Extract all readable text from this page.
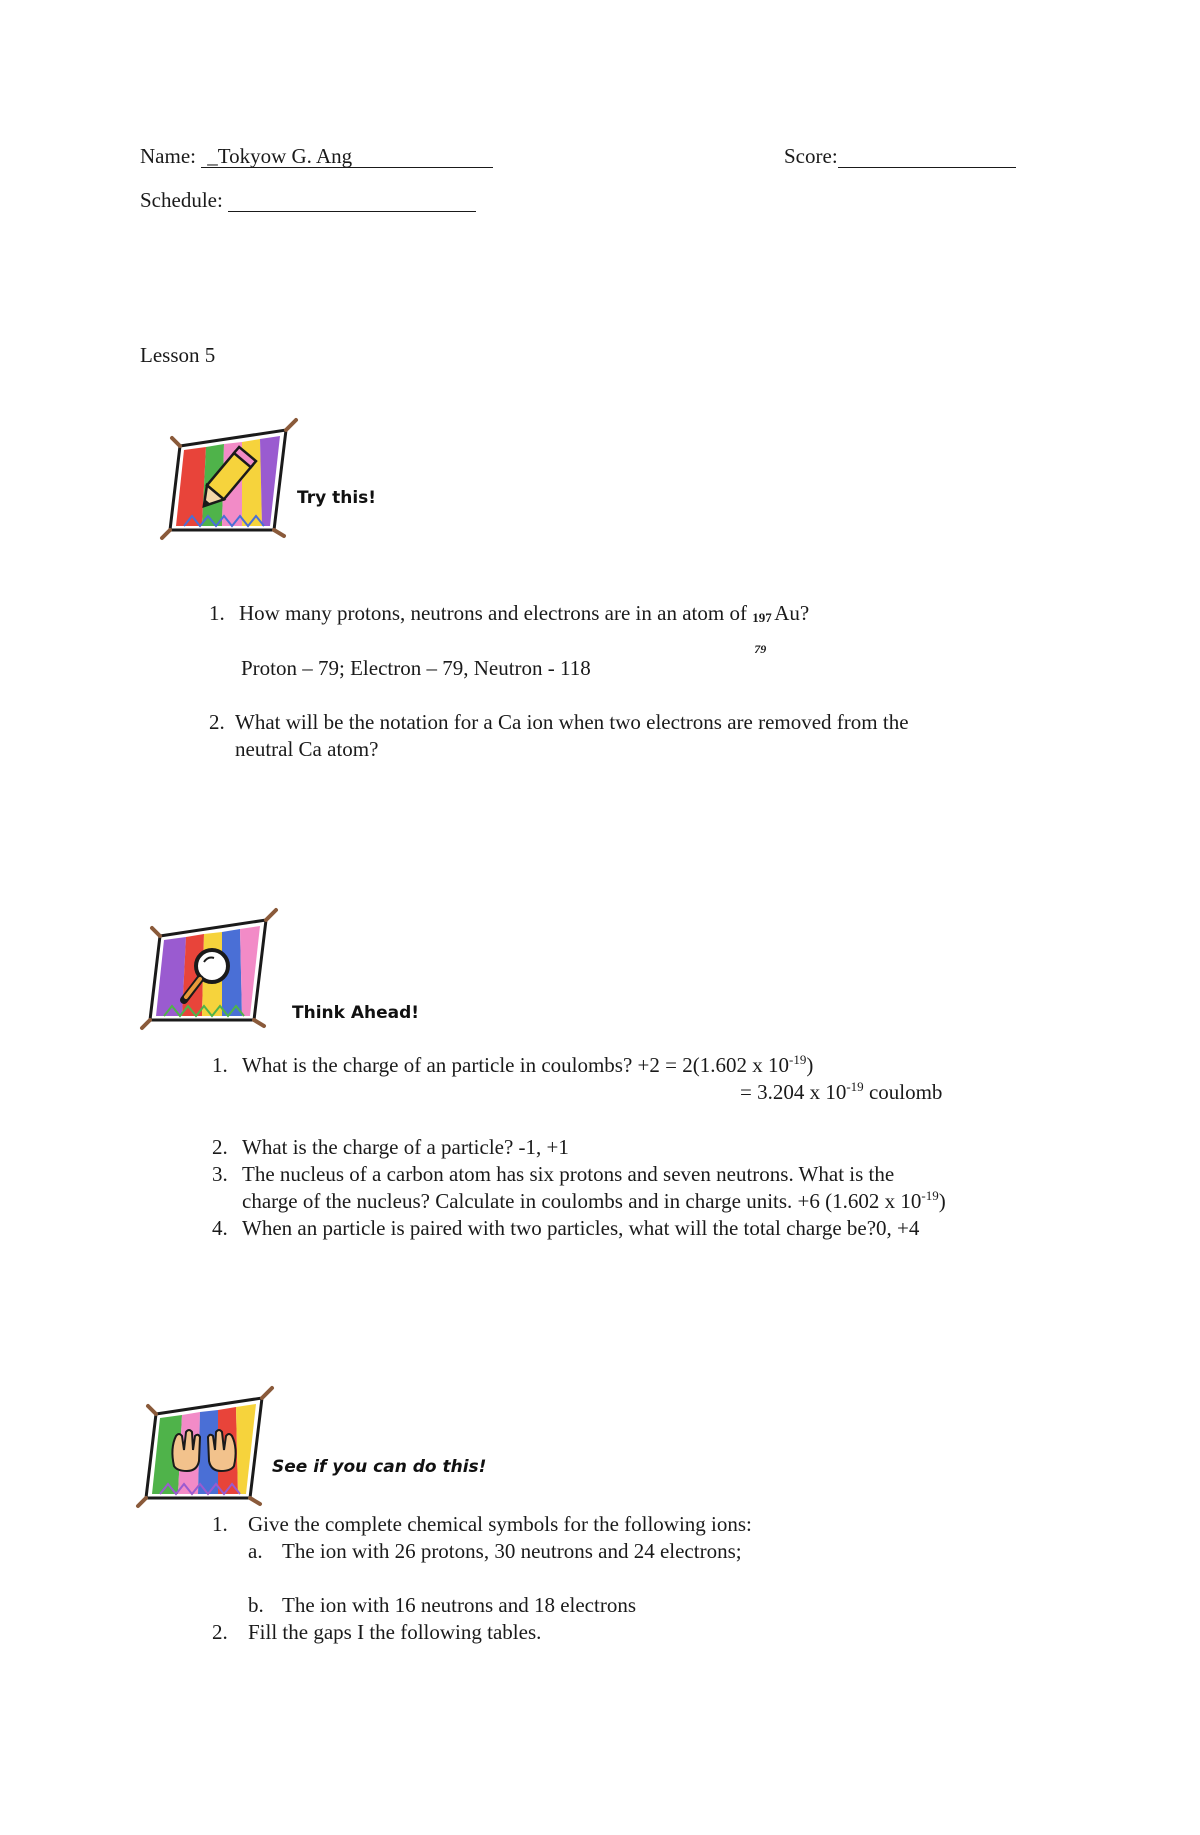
Name: _Tokyow G. Ang	Score:
Schedule:
Lesson 5
Try this!
1. How many protons, neutrons and electrons are in an atom of 197
79
Au?
Proton – 79; Electron – 79, Neutron - 118
2. What will be the notation for a Ca ion when two electrons are removed from the
neutral Ca atom?
Think Ahead!
1. What is the charge of an particle in coulombs? +2 = 2(1.602 x $10^{-19}$)
= 3.204 x $10^{-19}$ coulomb
2. What is the charge of a particle? -1, +1
3. The nucleus of a carbon atom has six protons and seven neutrons. What is the
charge of the nucleus? Calculate in coulombs and in charge units. +6 (1.602 x $10^{-19}$)
4. When an particle is paired with two particles, what will the total charge be?0, +4
See if you can do this!
1. Give the complete chemical symbols for the following ions:
a. The ion with 26 protons, 30 neutrons and 24 electrons;
b. The ion with 16 neutrons and 18 electrons
2. Fill the gaps I the following tables.
